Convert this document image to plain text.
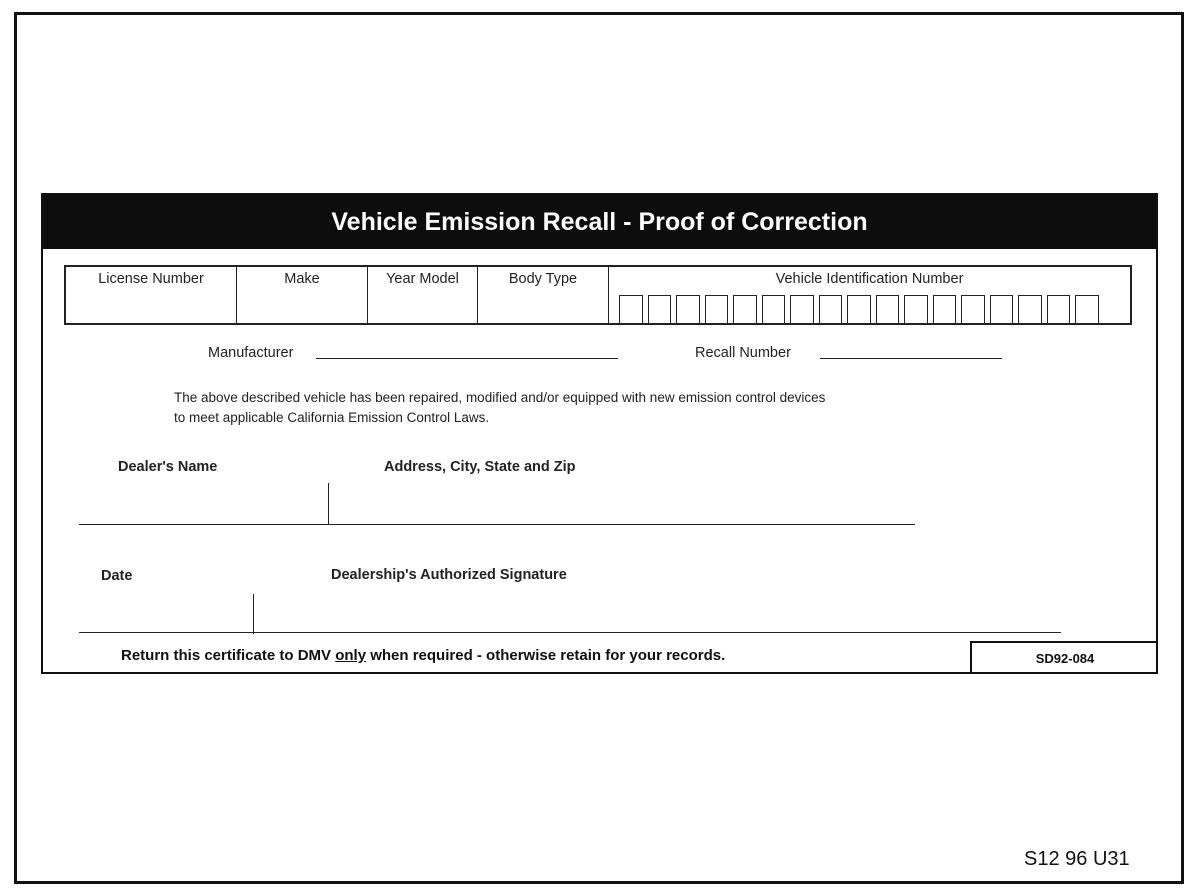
Vehicle Emission Recall - Proof of Correction
License Number	Make	Year Model	Body Type	Vehicle Identification Number
Manufacturer	Recall Number
The above described vehicle has been repaired, modified and/or equipped with new emission control devices
to meet applicable California Emission Control Laws.
Dealer's Name	Address, City, State and Zip
Date	Dealership's Authorized Signature
Return this certificate to DMV only when required - otherwise retain for your records.	SD92-084
S12 96 U31
